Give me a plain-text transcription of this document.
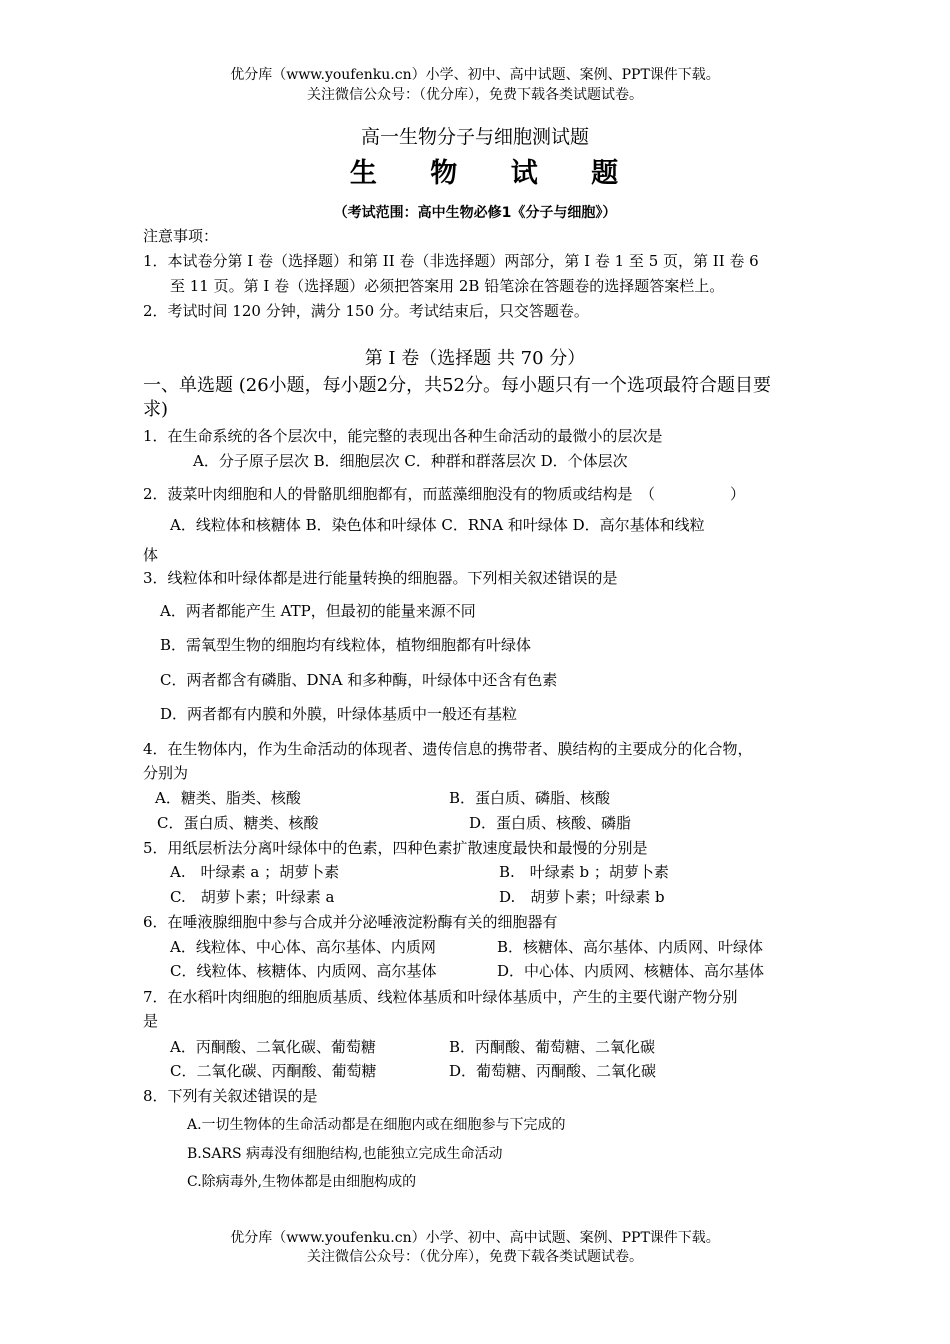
优分库（www.youfenku.cn）小学、初中、高中试题、案例、PPT课件下载。
关注微信公众号：（优分库），免费下载各类试题试卷。
高一生物分子与细胞测试题
生 物 试 题
（考试范围：高中生物必修1《分子与细胞》）
注意事项：
1．本试卷分第 I 卷（选择题）和第 II 卷（非选择题）两部分，第 I 卷 1 至 5 页，第 II 卷 6
至 11 页。第 I 卷（选择题）必须把答案用 2B 铅笔涂在答题卷的选择题答案栏上。
2．考试时间 120 分钟，满分 150 分。考试结束后，只交答题卷。
第 I 卷（选择题 共 70 分）
一、单选题 (26小题，每小题2分，共52分。每小题只有一个选项最符合题目要
求)
1．在生命系统的各个层次中，能完整的表现出各种生命活动的最微小的层次是
A．分子原子层次 B．细胞层次 C．种群和群落层次 D．个体层次
2．菠菜叶肉细胞和人的骨骼肌细胞都有，而蓝藻细胞没有的物质或结构是　（　　　　　）
A．线粒体和核糖体 B．染色体和叶绿体 C．RNA 和叶绿体 D．高尔基体和线粒
体
3．线粒体和叶绿体都是进行能量转换的细胞器。下列相关叙述错误的是
A．两者都能产生 ATP，但最初的能量来源不同
B．需氧型生物的细胞均有线粒体，植物细胞都有叶绿体
C．两者都含有磷脂、DNA 和多种酶，叶绿体中还含有色素
D．两者都有内膜和外膜，叶绿体基质中一般还有基粒
4．在生物体内，作为生命活动的体现者、遗传信息的携带者、膜结构的主要成分的化合物，
分别为
A．糖类、脂类、核酸	B．蛋白质、磷脂、核酸
C．蛋白质、糖类、核酸	D．蛋白质、核酸、磷脂
5．用纸层析法分离叶绿体中的色素，四种色素扩散速度最快和最慢的分别是
A.　叶绿素 a ；胡萝卜素	B.　叶绿素 b ；胡萝卜素
C.　胡萝卜素；叶绿素 a	D.　胡萝卜素；叶绿素 b
6．在唾液腺细胞中参与合成并分泌唾液淀粉酶有关的细胞器有
A．线粒体、中心体、高尔基体、内质网	B．核糖体、高尔基体、内质网、叶绿体
C．线粒体、核糖体、内质网、高尔基体	D．中心体、内质网、核糖体、高尔基体
7．在水稻叶肉细胞的细胞质基质、线粒体基质和叶绿体基质中，产生的主要代谢产物分别
是
A．丙酮酸、二氧化碳、葡萄糖	B．丙酮酸、葡萄糖、二氧化碳
C．二氧化碳、丙酮酸、葡萄糖	D．葡萄糖、丙酮酸、二氧化碳
8．下列有关叙述错误的是
A.一切生物体的生命活动都是在细胞内或在细胞参与下完成的
B.SARS 病毒没有细胞结构,也能独立完成生命活动
C.除病毒外,生物体都是由细胞构成的
优分库（www.youfenku.cn）小学、初中、高中试题、案例、PPT课件下载。
关注微信公众号：（优分库），免费下载各类试题试卷。
